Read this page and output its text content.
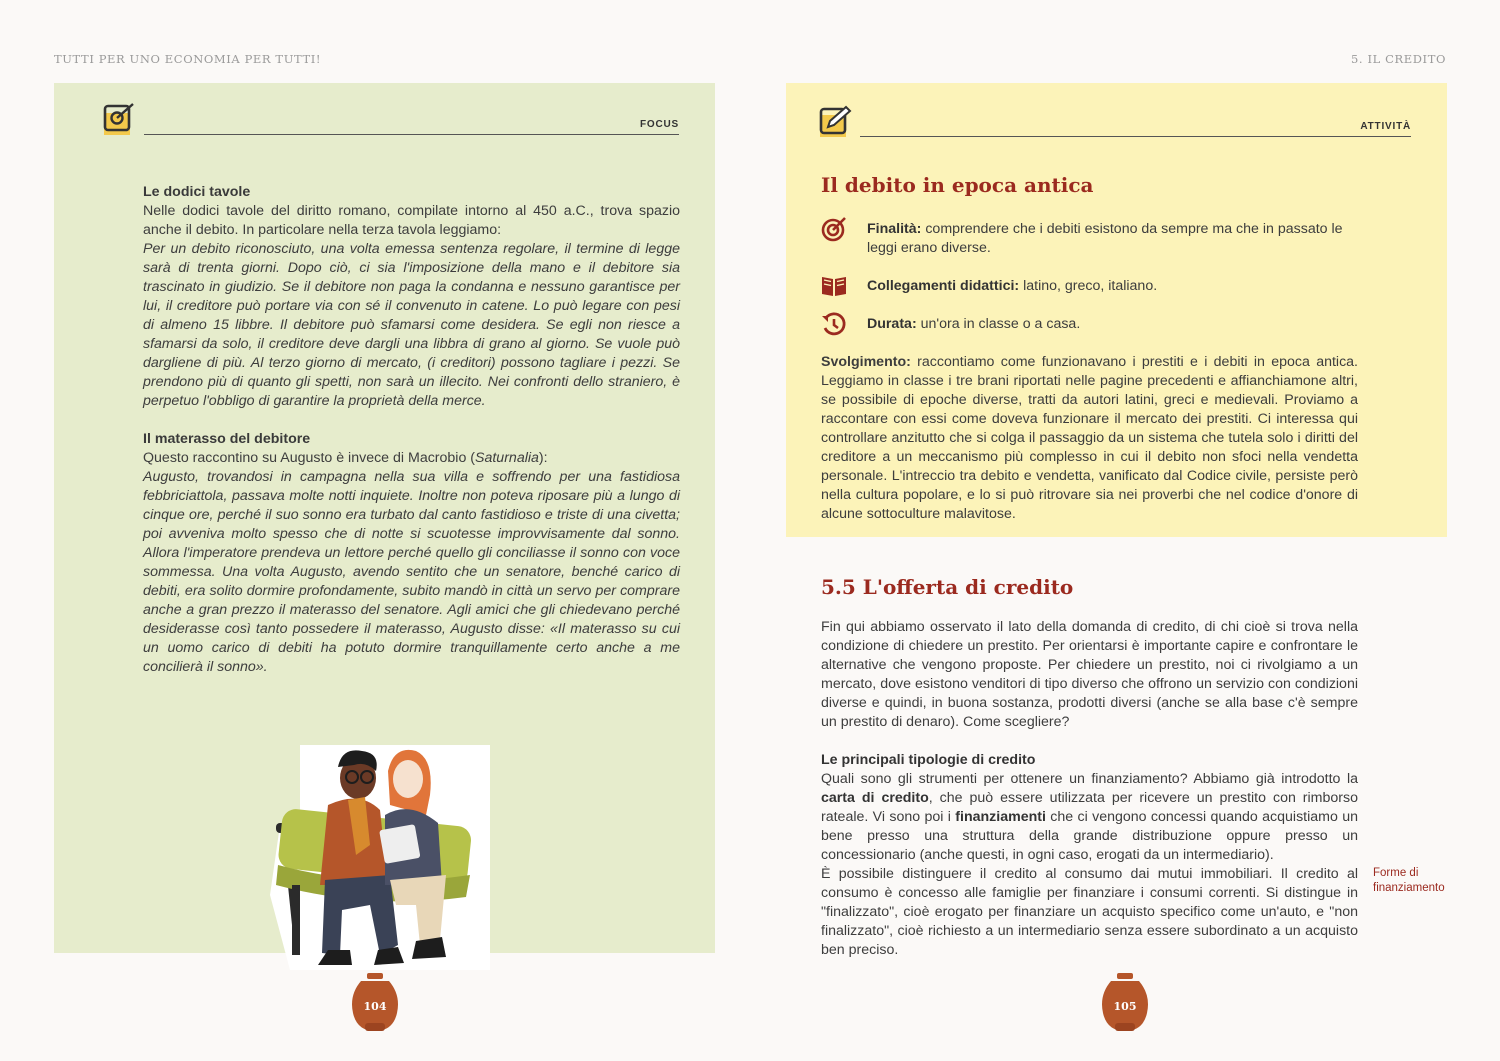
TUTTI PER UNO ECONOMIA PER TUTTI!	5. IL CREDITO
FOCUS
Le dodici tavole

Nelle dodici tavole del diritto romano, compilate intorno al 450 a.C., trova spazio anche il debito. In particolare nella terza tavola leggiamo:

Per un debito riconosciuto, una volta emessa sentenza regolare, il termine di legge sarà di trenta giorni. Dopo ciò, ci sia l'imposizione della mano e il debitore sia trascinato in giudizio. Se il debitore non paga la condanna e nessuno garantisce per lui, il creditore può portare via con sé il convenuto in catene. Lo può legare con pesi di almeno 15 libbre. Il debitore può sfamarsi come desidera. Se egli non riesce a sfamarsi da solo, il creditore deve dargli una libbra di grano al giorno. Se vuole può dargliene di più. Al terzo giorno di mercato, (i creditori) possono tagliare i pezzi. Se prendono più di quanto gli spetti, non sarà un illecito. Nei confronti dello straniero, è perpetuo l'obbligo di garantire la proprietà della merce.

Il materasso del debitore

Questo raccontino su Augusto è invece di Macrobio (Saturnalia):

Augusto, trovandosi in campagna nella sua villa e soffrendo per una fastidiosa febbriciattola, passava molte notti inquiete. Inoltre non poteva riposare più a lungo di cinque ore, perché il suo sonno era turbato dal canto fastidioso e triste di una civetta; poi avveniva molto spesso che di notte si scuotesse improvvisamente dal sonno. Allora l'imperatore prendeva un lettore perché quello gli conciliasse il sonno con voce sommessa. Una volta Augusto, avendo sentito che un senatore, benché carico di debiti, era solito dormire profondamente, subito mandò in città un servo per comprare anche a gran prezzo il materasso del senatore. Agli amici che gli chiedevano perché desiderasse così tanto possedere il materasso, Augusto disse: «Il materasso su cui un uomo carico di debiti ha potuto dormire tranquillamente certo anche a me concilierà il sonno».

ATTIVITÀ
Il debito in epoca antica
Finalità: comprendere che i debiti esistono da sempre ma che in passato le leggi erano diverse.
Collegamenti didattici: latino, greco, italiano.
Durata: un'ora in classe o a casa.
Svolgimento: raccontiamo come funzionavano i prestiti e i debiti in epoca antica. Leggiamo in classe i tre brani riportati nelle pagine precedenti e affianchiamone altri, se possibile di epoche diverse, tratti da autori latini, greci e medievali. Proviamo a raccontare con essi come doveva funzionare il mercato dei prestiti. Ci interessa qui controllare anzitutto che si colga il passaggio da un sistema che tutela solo i diritti del creditore a un meccanismo più complesso in cui il debito non sfoci nella vendetta personale. L'intreccio tra debito e vendetta, vanificato dal Codice civile, persiste però nella cultura popolare, e lo si può ritrovare sia nei proverbi che nel codice d'onore di alcune sottoculture malavitose.
5.5 L'offerta di credito

Fin qui abbiamo osservato il lato della domanda di credito, di chi cioè si trova nella condizione di chiedere un prestito. Per orientarsi è importante capire e confrontare le alternative che vengono proposte. Per chiedere un prestito, noi ci rivolgiamo a un mercato, dove esistono venditori di tipo diverso che offrono un servizio con condizioni diverse e quindi, in buona sostanza, prodotti diversi (anche se alla base c'è sempre un prestito di denaro). Come scegliere?

Le principali tipologie di credito

Quali sono gli strumenti per ottenere un finanziamento? Abbiamo già introdotto la carta di credito, che può essere utilizzata per ricevere un prestito con rimborso rateale. Vi sono poi i finanziamenti che ci vengono concessi quando acquistiamo un bene presso una struttura della grande distribuzione oppure presso un concessionario (anche questi, in ogni caso, erogati da un intermediario).

È possibile distinguere il credito al consumo dai mutui immobiliari. Il credito al consumo è concesso alle famiglie per finanziare i consumi correnti. Si distingue in "finalizzato", cioè erogato per finanziare un acquisto specifico come un'auto, e "non finalizzato", cioè richiesto a un intermediario senza essere subordinato a un acquisto ben preciso.

Forme di finanziamento
104	105
